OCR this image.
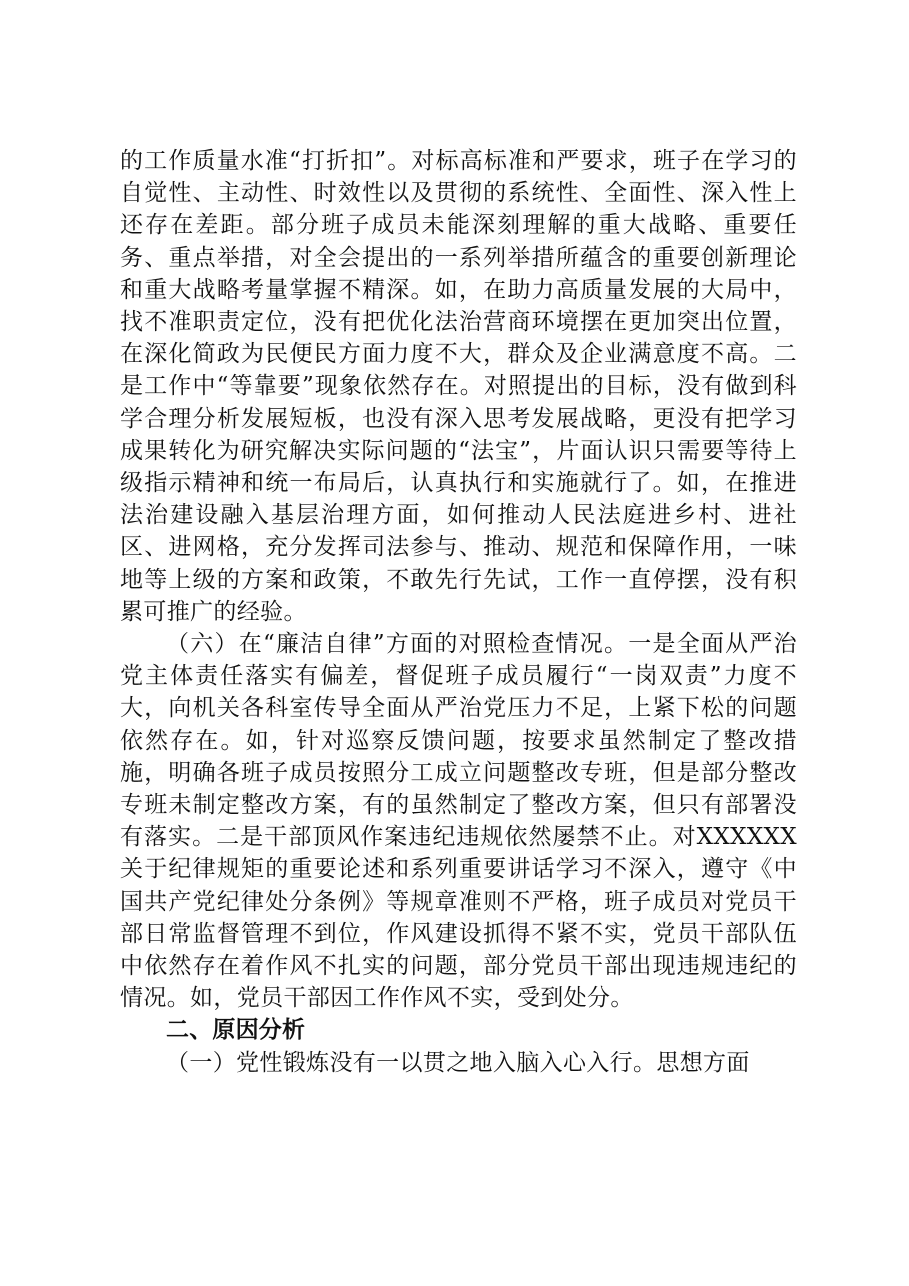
的工作质量水准“打折扣”。对标高标准和严要求，班子在学习的自觉性、主动性、时效性以及贯彻的系统性、全面性、深入性上还存在差距。部分班子成员未能深刻理解的重大战略、重要任务、重点举措，对全会提出的一系列举措所蕴含的重要创新理论和重大战略考量掌握不精深。如，在助力高质量发展的大局中，找不准职责定位，没有把优化法治营商环境摆在更加突出位置，在深化简政为民便民方面力度不大，群众及企业满意度不高。二是工作中“等靠要”现象依然存在。对照提出的目标，没有做到科学合理分析发展短板，也没有深入思考发展战略，更没有把学习成果转化为研究解决实际问题的“法宝”，片面认识只需要等待上级指示精神和统一布局后，认真执行和实施就行了。如，在推进法治建设融入基层治理方面，如何推动人民法庭进乡村、进社区、进网格，充分发挥司法参与、推动、规范和保障作用，一味地等上级的方案和政策，不敢先行先试，工作一直停摆，没有积累可推广的经验。

（六）在“廉洁自律”方面的对照检查情况。一是全面从严治党主体责任落实有偏差，督促班子成员履行“一岗双责”力度不大，向机关各科室传导全面从严治党压力不足，上紧下松的问题依然存在。如，针对巡察反馈问题，按要求虽然制定了整改措施，明确各班子成员按照分工成立问题整改专班，但是部分整改专班未制定整改方案，有的虽然制定了整改方案，但只有部署没有落实。二是干部顶风作案违纪违规依然屡禁不止。对XXXXXX关于纪律规矩的重要论述和系列重要讲话学习不深入，遵守《中国共产党纪律处分条例》等规章准则不严格，班子成员对党员干部日常监督管理不到位，作风建设抓得不紧不实，党员干部队伍中依然存在着作风不扎实的问题，部分党员干部出现违规违纪的情况。如，党员干部因工作作风不实，受到处分。

二、原因分析

（一）党性锻炼没有一以贯之地入脑入心入行。思想方面
